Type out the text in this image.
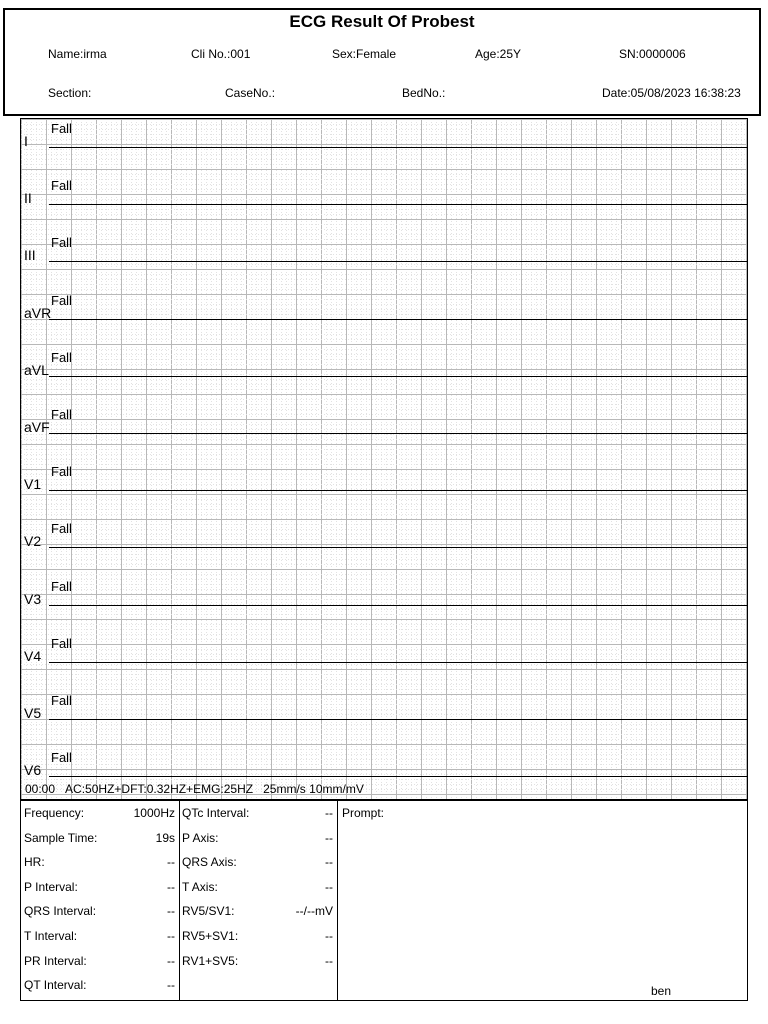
ECG Result Of Probest
Name:irma	Cli No.:001	Sex:Female	Age:25Y	SN:0000006
Section:	CaseNo.:	BedNo.:	Date:05/08/2023 16:38:23
Fall
I
Fall
II
Fall
III
Fall
aVR
Fall
aVL
Fall
aVF
Fall
V1
Fall
V2
Fall
V3
Fall
V4
Fall
V5
Fall
V6
00:00 AC:50HZ+DFT:0.32HZ+EMG:25HZ 25mm/s 10mm/mV
Frequency:	1000Hz
Sample Time:	19s
HR:	--
P Interval:	--
QRS Interval:	--
T Interval:	--
PR Interval:	--
QT Interval:	--
QTc Interval:	--
P Axis:	--
QRS Axis:	--
T Axis:	--
RV5/SV1:	--/--mV
RV5+SV1:	--
RV1+SV5:	--
Prompt:
ben
